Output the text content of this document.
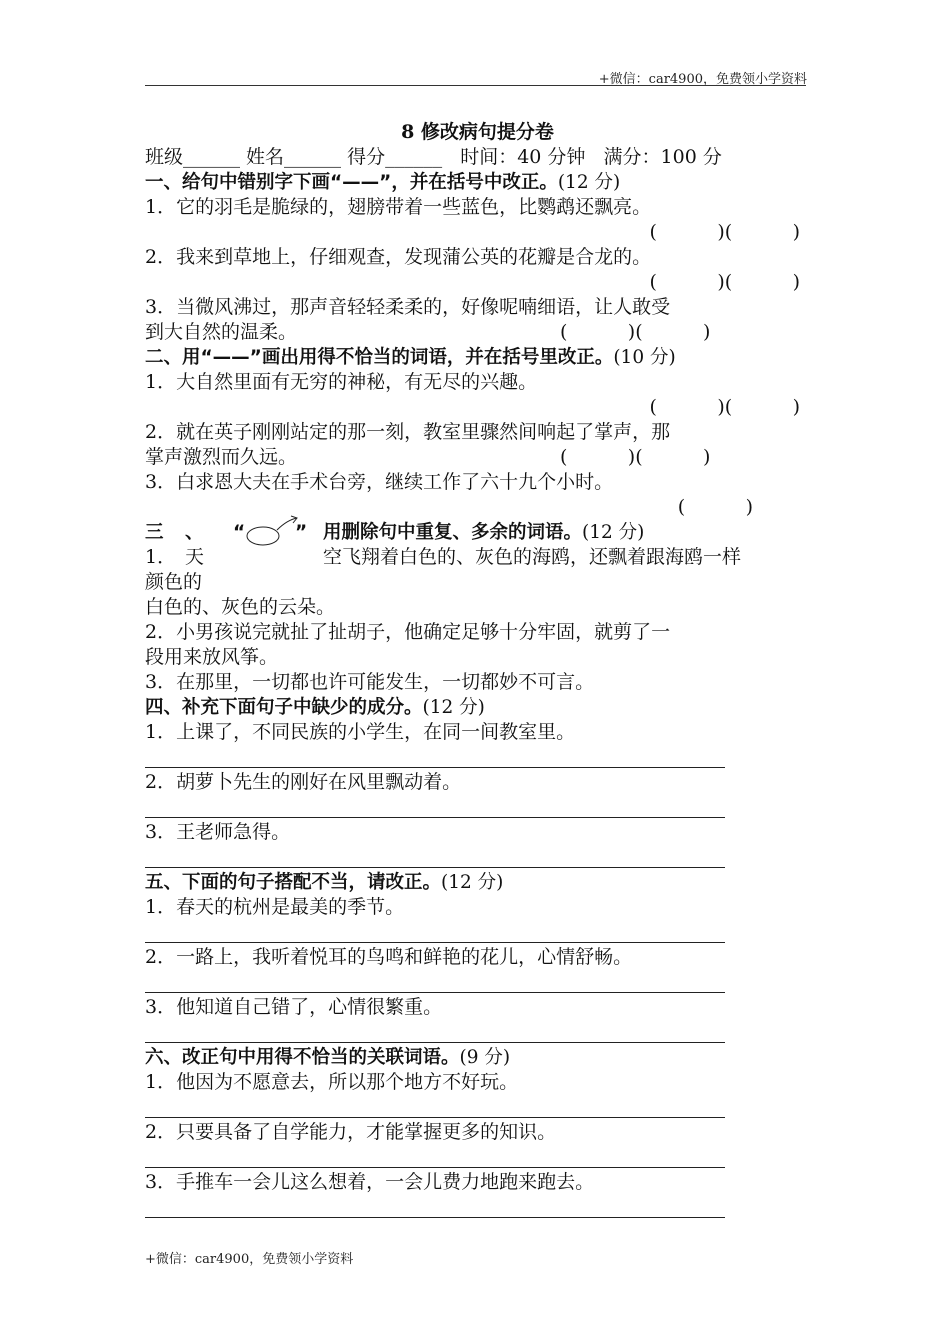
+微信：car4900，免费领小学资料
8 修改病句提分卷
班级______ 姓名______ 得分______   时间：40 分钟   满分：100 分
一、给句中错别字下画“——”，并在括号中改正。(12 分)
1．它的羽毛是脆绿的，翅膀带着一些蓝色，比鹦鹉还飘亮。
(          )(          )
2．我来到草地上，仔细观查，发现蒲公英的花瓣是合龙的。
(          )(          )
3．当微风沸过，那声音轻轻柔柔的，好像呢喃细语，让人敢受
到大自然的温柔。	(          )(          )
二、用“——”画出用得不恰当的词语，并在括号里改正。(10 分)
1．大自然里面有无穷的神秘，有无尽的兴趣。
(          )(          )
2．就在英子刚刚站定的那一刻，教室里骤然间响起了掌声，那
掌声激烈而久远。	(          )(          )
3．白求恩大夫在手术台旁，继续工作了六十九个小时。
(          )
三 、 “	” 用删除句中重复、多余的词语。(12 分)
1． 天	空飞翔着白色的、灰色的海鸥，还飘着跟海鸥一样
颜色的
白色的、灰色的云朵。
2．小男孩说完就扯了扯胡子，他确定足够十分牢固，就剪了一
段用来放风筝。
3．在那里，一切都也许可能发生，一切都妙不可言。
四、补充下面句子中缺少的成分。(12 分)
1．上课了，不同民族的小学生，在同一间教室里。
2．胡萝卜先生的刚好在风里飘动着。
3．王老师急得。
五、下面的句子搭配不当，请改正。(12 分)
1．春天的杭州是最美的季节。
2．一路上，我听着悦耳的鸟鸣和鲜艳的花儿，心情舒畅。
3．他知道自己错了，心情很繁重。
六、改正句中用得不恰当的关联词语。(9 分)
1．他因为不愿意去，所以那个地方不好玩。
2．只要具备了自学能力，才能掌握更多的知识。
3．手推车一会儿这么想着，一会儿费力地跑来跑去。
+微信：car4900，免费领小学资料
